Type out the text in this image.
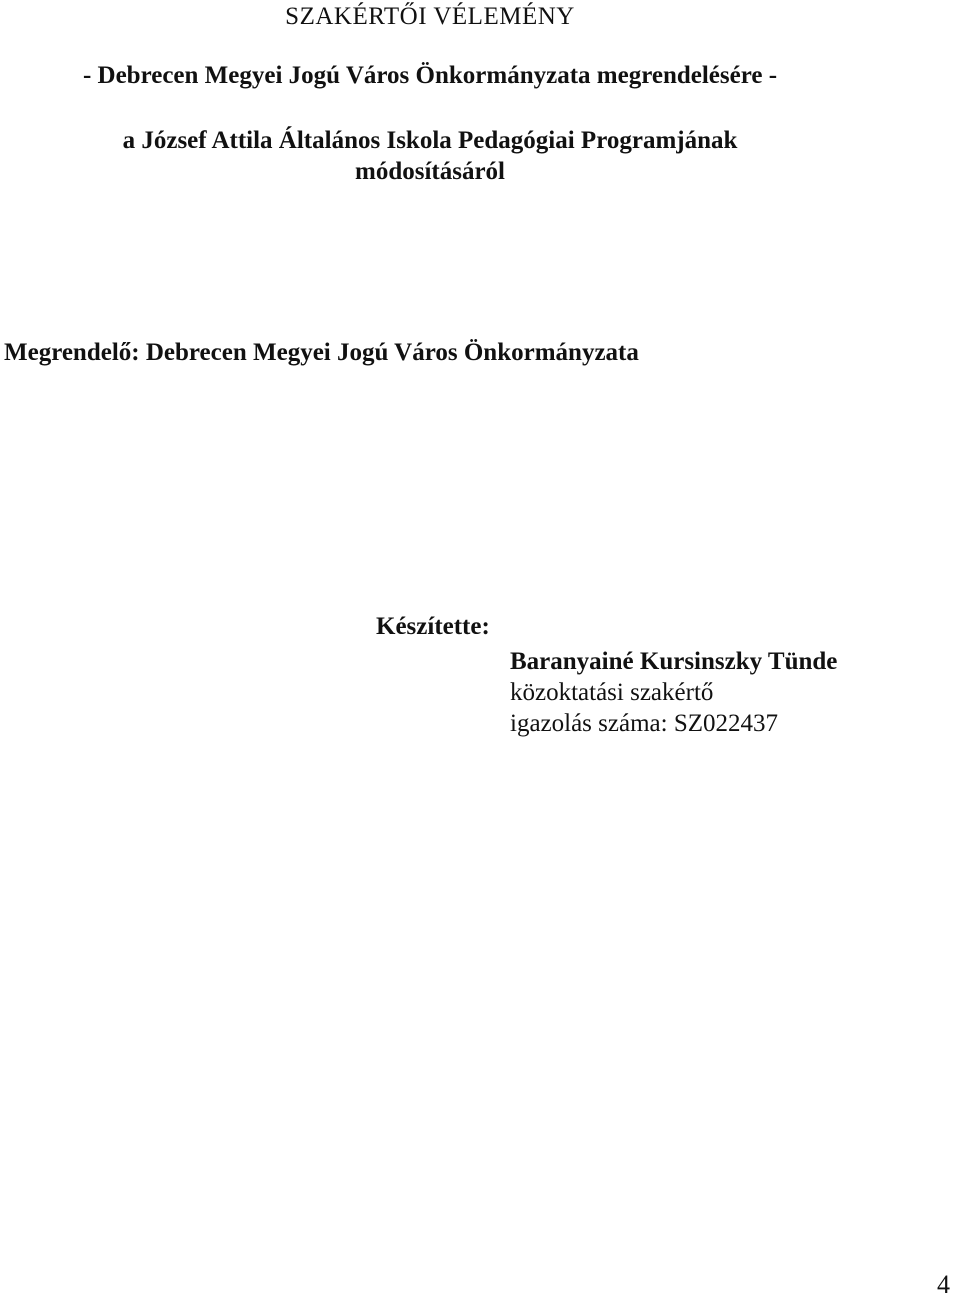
SZAKÉRTŐI VÉLEMÉNY
- Debrecen Megyei Jogú Város Önkormányzata megrendelésére -
a József Attila Általános Iskola Pedagógiai Programjának
módosításáról
Megrendelő: Debrecen Megyei Jogú Város Önkormányzata
Készítette:
Baranyainé Kursinszky Tünde
közoktatási szakértő
igazolás száma: SZ022437
4
